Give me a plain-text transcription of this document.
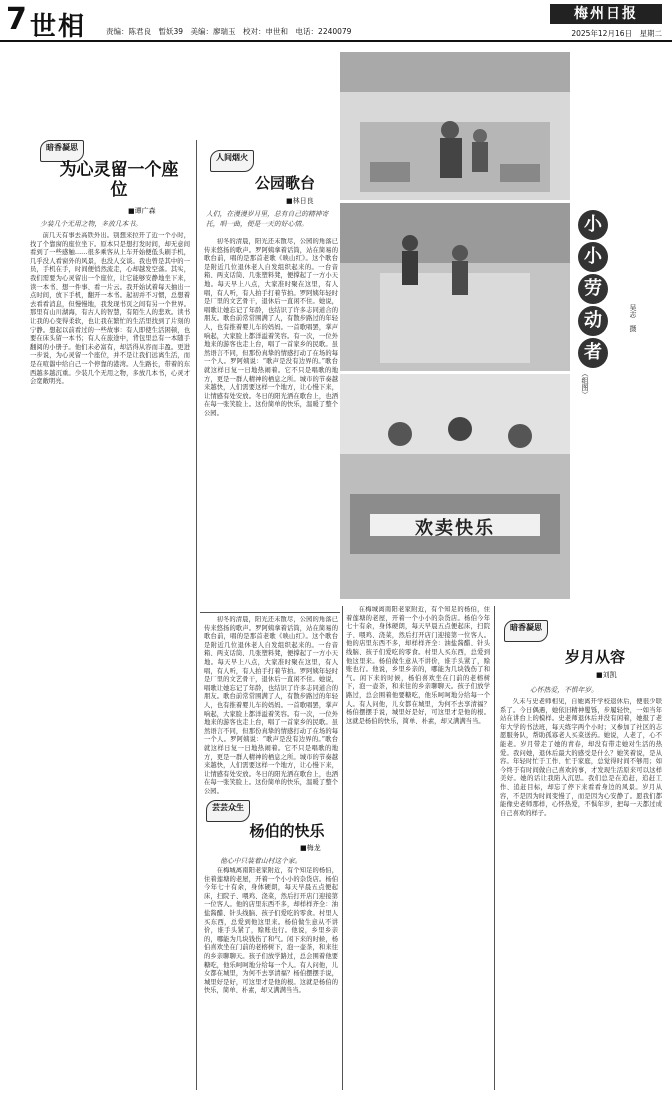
7 世相	责编：陈君良　暂妖39　美编：廖瑞玉　校对：申世和　电话：2240079
梅州日报
2025年12月16日　星期二
暗香凝思
为心灵留一个座位
■谭广森
少装几个无用之物，多放几本书。

前几天有事去高铁外出。别想来拉开了近一个小时，找了个靠窗的座位坐下。原本只是想打发时间，却无意间看到了一些感触……很多乘客从上车开始便低头刷手机，几乎没人看窗外的风景，也没人交谈。我也曾是其中的一员，手机在手，时间便悄然流走，心却越发空落。其实，我们需要为心灵留出一个座位，让它能够安静地坐下来，读一本书、想一件事、看一片云。我开始试着每天抽出一点时间，放下手机，翻开一本书。起初并不习惯，总想着去看看消息，但慢慢地，我发现书页之间有另一个世界。那里有山川湖海，有古人的智慧，有陌生人的悲欢。读书让我的心变得柔软，也让我在繁忙的生活里找到了片刻的宁静。想起以前看过的一些故事：有人即使生活困顿，也要在床头留一本书；有人在旅途中，背包里总有一本随手翻阅的小册子。他们未必富有，却活得从容而丰盈。更进一步说，为心灵留一个座位，并不是让我们远离生活，而是在喧嚣中给自己一个停靠的港湾。人生路长，带着的东西越多越沉重。少装几个无用之物，多放几本书，心灵才会宽敞明亮。

人间烟火
公园歌台
■林日良
人们，在漫漫岁月里，总有自己的精神寄托，唱一曲，便是一天的好心情。

初冬的清晨，阳光还未散尽，公园的角落已传来悠扬的歌声。罗阿姨拿着话筒，站在简易的歌台前，唱的是那首老歌《映山红》。这个歌台是附近几位退休老人自发组织起来的。一台音箱、两支话筒、几张塑料凳，便撑起了一方小天地。每天早上八点，大家准时聚在这里，有人唱，有人听，有人拍手打着节拍。罗阿姨年轻时是厂里的文艺骨干，退休后一直闲不住。她说，唱歌让她忘记了年龄，也结识了许多志同道合的朋友。歌台前常常围满了人，有散步路过的年轻人，也有推着婴儿车的妈妈。一首歌唱罢，掌声响起，大家脸上都洋溢着笑容。有一次，一位外地来的游客也走上台，唱了一首家乡的民歌。虽然语言不同，但那份真挚的情感打动了在场的每一个人。罗阿姨说：“歌声是没有边界的。”歌台就这样日复一日地热闹着。它不只是唱歌的地方，更是一群人精神的栖息之所。城市的节奏越来越快，人们需要这样一个地方，让心慢下来，让情感有处安放。冬日的阳光洒在歌台上，也洒在每一张笑脸上。这份简单的快乐，温暖了整个公园。

欢卖快乐
小
小
劳
动
者
（组图）
吴志　摄
芸芸众生
杨伯的快乐
■梅龙
他心中只装着山村这个家。

在梅城离南阳老家附近，有个知足的杨伯，住着莲塘的老屋，开着一个小小的杂货店。杨伯今年七十有余，身体硬朗，每天早晨五点便起床，扫院子、喂鸡、浇菜，然后打开店门迎接第一位客人。他的店里东西不多，却样样齐全：油盐酱醋、针头线脑、孩子们爱吃的零食。村里人买东西，总爱到他这里来。杨伯做生意从不讲价，谁手头紧了，赊账也行。他说，乡里乡亲的，哪能为几块钱伤了和气。闲下来的时候，杨伯喜欢坐在门前的老榕树下，泡一壶茶，和来往的乡亲聊聊天。孩子们放学路过，总会围着他要糖吃，他乐呵呵地分给每一个人。有人问他，儿女都在城里，为何不去享清福？杨伯摆摆手说，城里好是好，可这里才是他的根。这就是杨伯的快乐，简单、朴素，却又满满当当。

初冬的清晨，阳光还未散尽，公园的角落已传来悠扬的歌声。罗阿姨拿着话筒，站在简易的歌台前，唱的是那首老歌《映山红》。这个歌台是附近几位退休老人自发组织起来的。一台音箱、两支话筒、几张塑料凳，便撑起了一方小天地。每天早上八点，大家准时聚在这里，有人唱，有人听，有人拍手打着节拍。罗阿姨年轻时是厂里的文艺骨干，退休后一直闲不住。她说，唱歌让她忘记了年龄，也结识了许多志同道合的朋友。歌台前常常围满了人，有散步路过的年轻人，也有推着婴儿车的妈妈。一首歌唱罢，掌声响起，大家脸上都洋溢着笑容。有一次，一位外地来的游客也走上台，唱了一首家乡的民歌。虽然语言不同，但那份真挚的情感打动了在场的每一个人。罗阿姨说：“歌声是没有边界的。”歌台就这样日复一日地热闹着。它不只是唱歌的地方，更是一群人精神的栖息之所。城市的节奏越来越快，人们需要这样一个地方，让心慢下来，让情感有处安放。冬日的阳光洒在歌台上，也洒在每一张笑脸上。这份简单的快乐，温暖了整个公园。

在梅城离南阳老家附近，有个知足的杨伯，住着莲塘的老屋，开着一个小小的杂货店。杨伯今年七十有余，身体硬朗，每天早晨五点便起床，扫院子、喂鸡、浇菜，然后打开店门迎接第一位客人。他的店里东西不多，却样样齐全：油盐酱醋、针头线脑、孩子们爱吃的零食。村里人买东西，总爱到他这里来。杨伯做生意从不讲价，谁手头紧了，赊账也行。他说，乡里乡亲的，哪能为几块钱伤了和气。闲下来的时候，杨伯喜欢坐在门前的老榕树下，泡一壶茶，和来往的乡亲聊聊天。孩子们放学路过，总会围着他要糖吃，他乐呵呵地分给每一个人。有人问他，儿女都在城里，为何不去享清福？杨伯摆摆手说，城里好是好，可这里才是他的根。这就是杨伯的快乐，简单、朴素，却又满满当当。

暗香凝思
岁月从容
■刘凯
心怀热爱，不惧年岁。

久未与史老师相见，自她离开学校退休后，便很少联系了。今日偶遇，她依旧精神矍铄，步履轻快，一如当年站在讲台上的模样。史老师退休后并没有闲着，她报了老年大学的书法班，每天练字两个小时；又参加了社区的志愿服务队，帮助孤寡老人买菜送药。她说，人老了，心不能老。岁月带走了她的青春，却没有带走她对生活的热爱。我问她，退休后最大的感受是什么？她笑着说，是从容。年轻时忙于工作、忙于家庭，总觉得时间不够用；如今终于有时间做自己喜欢的事，才发现生活原来可以这样美好。她的话让我陷入沉思。我们总是在追赶，追赶工作、追赶目标，却忘了停下来看看身边的风景。岁月从容，不是因为时间变慢了，而是因为心安静了。愿我们都能像史老师那样，心怀热爱，不惧年岁，把每一天都过成自己喜欢的样子。
